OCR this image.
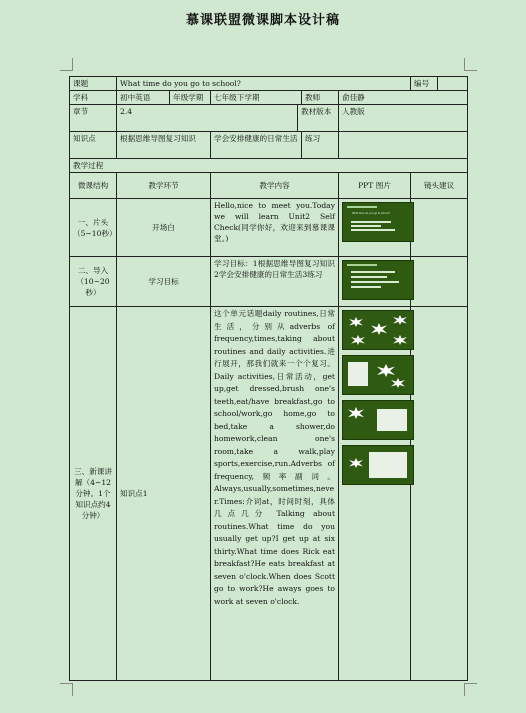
慕课联盟微课脚本设计稿
课题	What time do you go to school?			编号

学科	初中英语 年级学期	七年级下学期 教师	俞佳静	
章节	2.4 教材版本		人教版	
知识点	根据思维导图复习知识	学会安排健康的日常生活 练习		

教学过程				
微课结构	教学环节	教学内容	PPT 图片	镜头建议
一、片头（5~10秒）	开场白	Hello,nice to meet you.Today we will learn Unit2 Self Check(同学你好，欢迎来到慕课课堂。)	What time do you go to school?	

二、导入（10~20秒）	学习目标	学习目标：1根据思维导图复习知识2学会安排健康的日常生活3练习	

三、新课讲解（4~12分钟。1个知识点约4分钟）	知识点1	这个单元话题daily routines,日常生活，分别从adverbs of frequency,times,taking about routines and daily activities.进行展开，那我们就来一个个复习。Daily activities,日常活动，get up,get dressed,brush one's teeth,eat/have breakfast,go to school/work,go home,go to bed,take a shower,do homework,clean one's room,take a walk,play sports,exercise,run.Adverbs of frequency,频率副词。Always,usually,sometimes,never.Times:介词at，时间时刻，具体几点几分 Talking about routines.What time do you usually get up?I get up at six thirty.What time does Rick eat breakfast?He eats breakfast at seven o'clock.When does Scott go to work?He aways goes to work at seven o'clock.	
